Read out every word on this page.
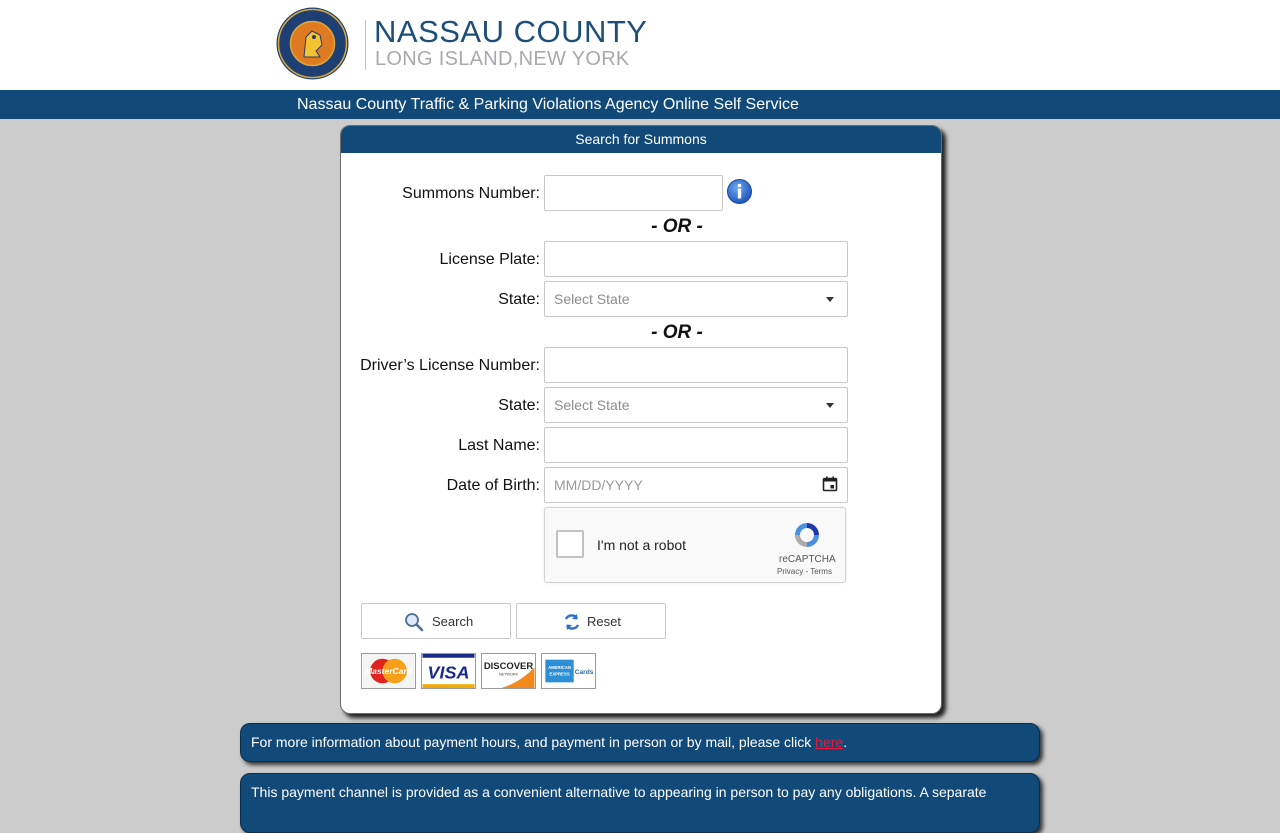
NASSAU COUNTY
LONG ISLAND,NEW YORK
Nassau County Traffic & Parking Violations Agency Online Self Service
Search for Summons
Summons Number:
- OR -
License Plate:
State:	Select State
- OR -
Driver’s License Number:
State:	Select State
Last Name:
Date of Birth:
MM/DD/YYYY
I'm not a robot
reCAPTCHA
Privacy - Terms
Search	Reset
MasterCard VISA DISCOVER
NETWORK
AMERICAN
EXPRESS Cards
For more information about payment hours, and payment in person or by mail, please click here.
This payment channel is provided as a convenient alternative to appearing in person to pay any obligations. A separate
